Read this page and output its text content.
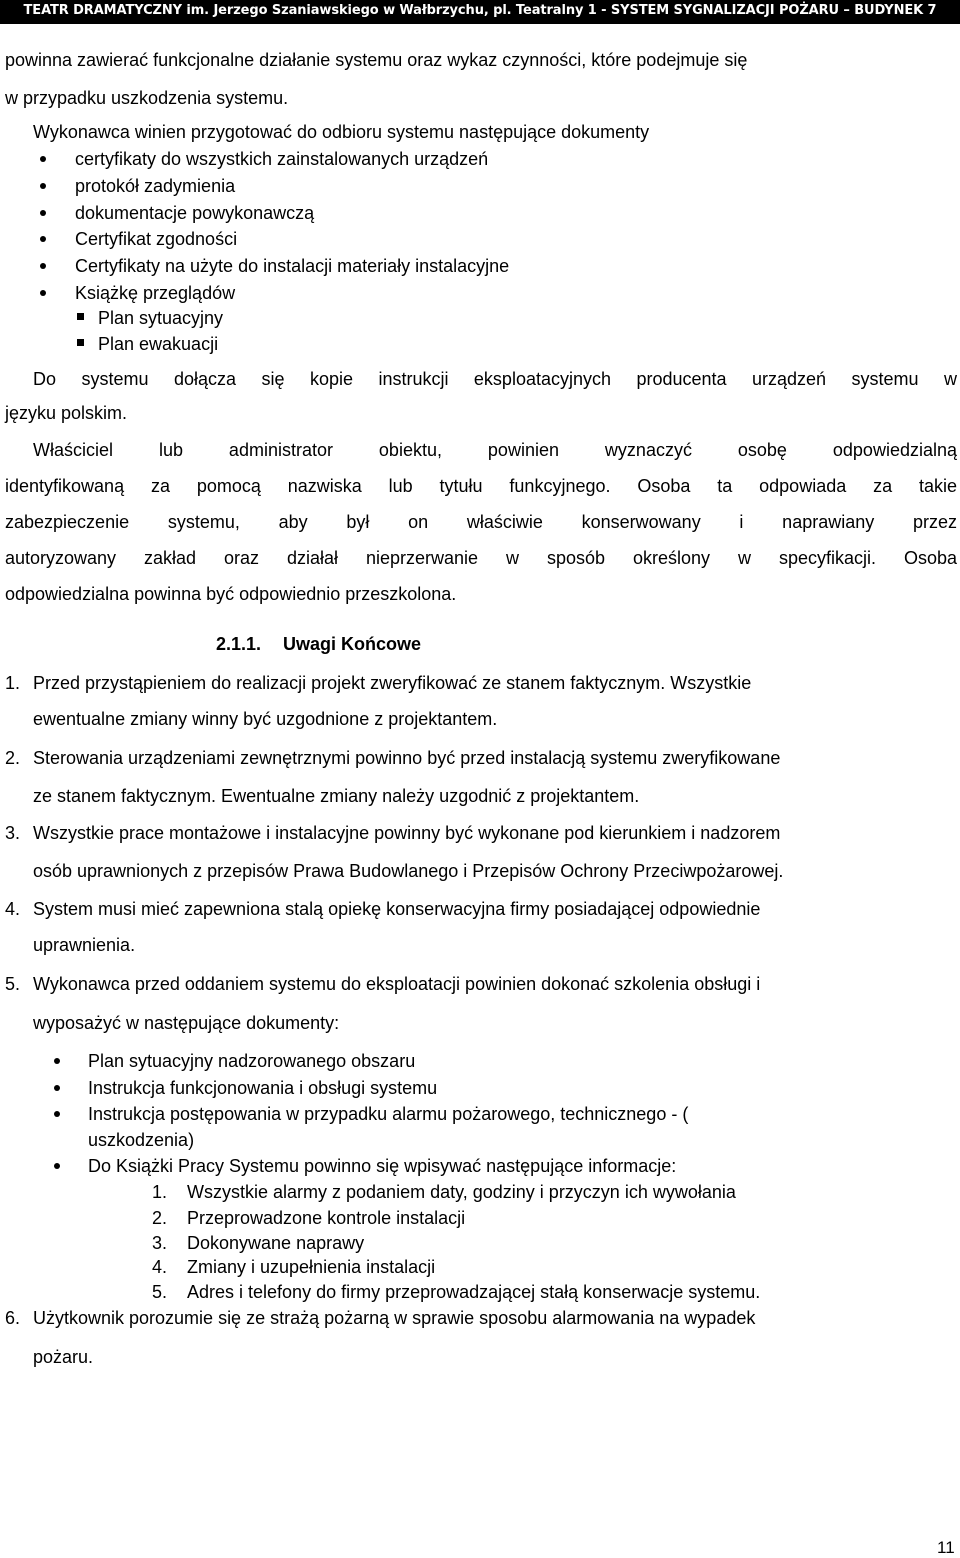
TEATR DRAMATYCZNY im. Jerzego Szaniawskiego w Wałbrzychu, pl. Teatralny 1 - SYSTEM SYGNALIZACJI POŻARU – BUDYNEK 7
powinna zawierać funkcjonalne działanie systemu oraz wykaz czynności, które podejmuje się
w przypadku uszkodzenia systemu.
Wykonawca winien przygotować do odbioru systemu następujące dokumenty
certyfikaty do wszystkich zainstalowanych urządzeń
protokół zadymienia
dokumentacje powykonawczą
Certyfikat zgodności
Certyfikaty na użyte do instalacji materiały instalacyjne
Książkę przeglądów
Plan sytuacyjny
Plan ewakuacji
Do systemu dołącza się kopie instrukcji eksploatacyjnych producenta urządzeń systemu w
języku polskim.
Właściciel lub administrator obiektu, powinien wyznaczyć osobę odpowiedzialną
identyfikowaną za pomocą nazwiska lub tytułu funkcyjnego. Osoba ta odpowiada za takie
zabezpieczenie systemu, aby był on właściwie konserwowany i naprawiany przez
autoryzowany zakład oraz działał nieprzerwanie w sposób określony w specyfikacji. Osoba
odpowiedzialna powinna być odpowiednio przeszkolona.
2.1.1. Uwagi Końcowe
1. Przed przystąpieniem do realizacji projekt zweryfikować ze stanem faktycznym. Wszystkie
ewentualne zmiany winny być uzgodnione z projektantem.
2. Sterowania urządzeniami zewnętrznymi powinno być przed instalacją systemu zweryfikowane
ze stanem faktycznym. Ewentualne zmiany należy uzgodnić z projektantem.
3. Wszystkie prace montażowe i instalacyjne powinny być wykonane pod kierunkiem i nadzorem
osób uprawnionych z przepisów Prawa Budowlanego i Przepisów Ochrony Przeciwpożarowej.
4. System musi mieć zapewniona stalą opiekę konserwacyjna firmy posiadającej odpowiednie
uprawnienia.
5. Wykonawca przed oddaniem systemu do eksploatacji powinien dokonać szkolenia obsługi i
wyposażyć w następujące dokumenty:
Plan sytuacyjny nadzorowanego obszaru
Instrukcja funkcjonowania i obsługi systemu
Instrukcja postępowania w przypadku alarmu pożarowego, technicznego - (
uszkodzenia)
Do Książki Pracy Systemu powinno się wpisywać następujące informacje:
1. Wszystkie alarmy z podaniem daty, godziny i przyczyn ich wywołania
2. Przeprowadzone kontrole instalacji
3. Dokonywane naprawy
4. Zmiany i uzupełnienia instalacji
5. Adres i telefony do firmy przeprowadzającej stałą konserwacje systemu.
6. Użytkownik porozumie się ze strażą pożarną w sprawie sposobu alarmowania na wypadek
pożaru.
11
